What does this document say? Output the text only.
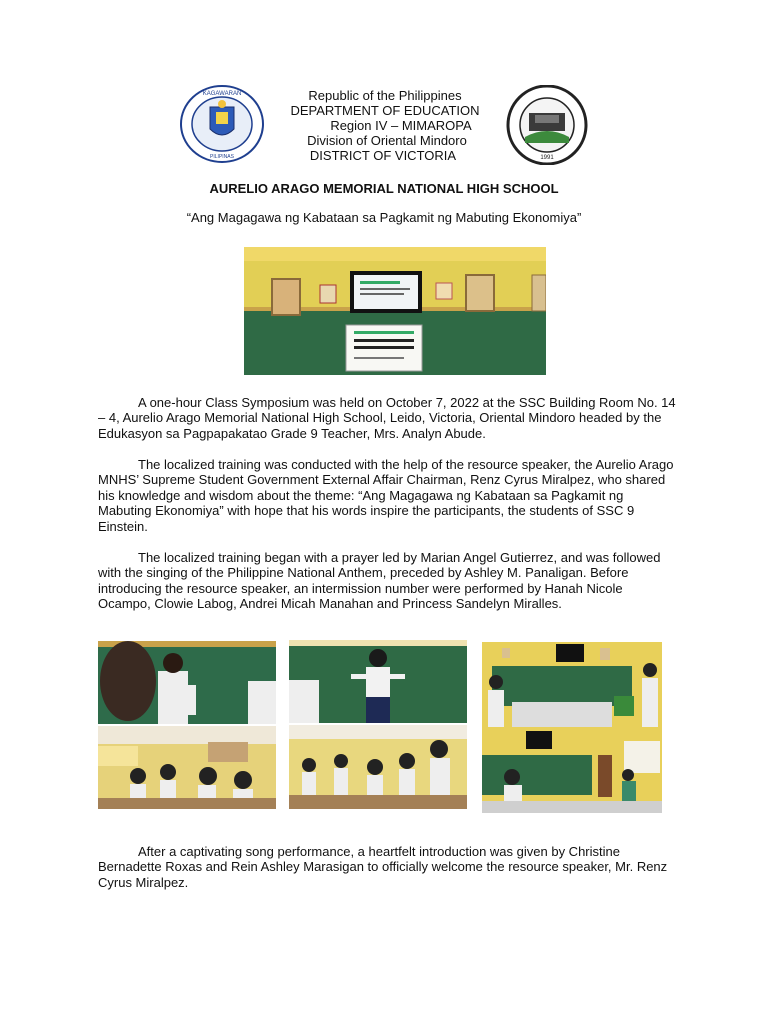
KAGAWARAN
PILIPINAS
Republic of the Philippines
DEPARTMENT OF EDUCATION
Region IV – MIMAROPA
Division of Oriental Mindoro
DISTRICT OF VICTORIA	1991
AURELIO ARAGO MEMORIAL NATIONAL HIGH SCHOOL
“Ang Magagawa ng Kabataan sa Pagkamit ng Mabuting Ekonomiya”
A one-hour Class Symposium was held on October 7, 2022 at the SSC Building Room No. 14 – 4, Aurelio Arago Memorial National High School, Leido, Victoria, Oriental Mindoro headed by the Edukasyon sa Pagpapakatao Grade 9 Teacher, Mrs. Analyn Abude.
The localized training was conducted with the help of the resource speaker, the Aurelio Arago MNHS’ Supreme Student Government External Affair Chairman, Renz Cyrus Miralpez, who shared his knowledge and wisdom about the theme: “Ang Magagawa ng Kabataan sa Pagkamit ng Mabuting Ekonomiya” with hope that his words inspire the participants, the students of SSC 9 Einstein.
The localized training began with a prayer led by Marian Angel Gutierrez, and was followed with the singing of the Philippine National Anthem, preceded by Ashley M. Panaligan. Before introducing the resource speaker, an intermission number were performed by Hanah Nicole Ocampo, Clowie Labog, Andrei Micah Manahan and Princess Sandelyn Miralles.
After a captivating song performance, a heartfelt introduction was given by Christine Bernadette Roxas and Rein Ashley Marasigan to officially welcome the resource speaker, Mr. Renz Cyrus Miralpez.
